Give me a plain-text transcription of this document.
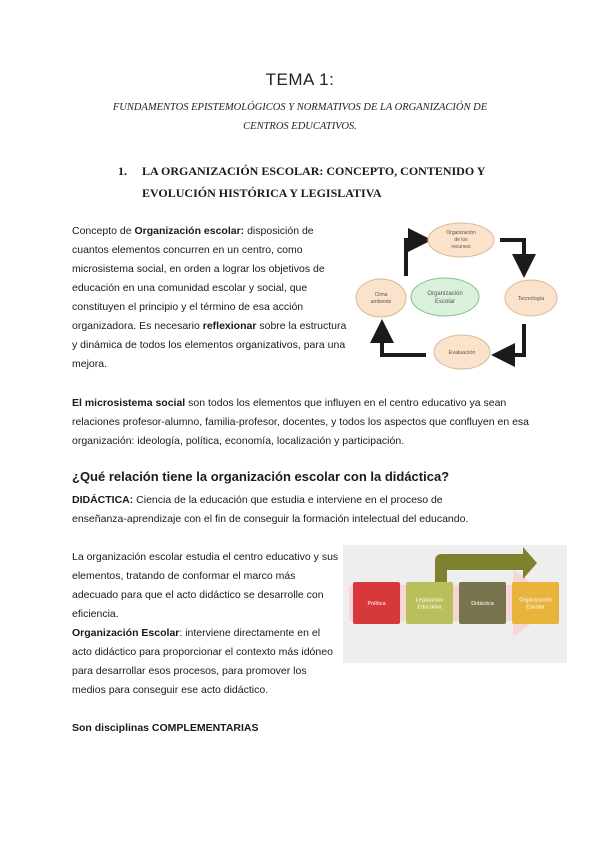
TEMA 1:
FUNDAMENTOS EPISTEMOLÓGICOS Y NORMATIVOS DE LA ORGANIZACIÓN DE
CENTROS EDUCATIVOS.
1. LA ORGANIZACIÓN ESCOLAR: CONCEPTO, CONTENIDO Y
EVOLUCIÓN HISTÓRICA Y LEGISLATIVA
Concepto de Organización escolar: disposición de cuantos elementos concurren en un centro, como microsistema social, en orden a lograr los objetivos de educación en una comunidad escolar y social, que constituyen el principio y el término de esa acción organizadora. Es necesario reflexionar sobre la estructura y dinámica de todos los elementos organizativos, para una mejora.
Organización
de los
recursos
Clima
ambiente
Organización
Escolar	Tecnología
Evaluación
El microsistema social son todos los elementos que influyen en el centro educativo ya sean relaciones profesor-alumno, familia-profesor, docentes, y todos los aspectos que confluyen en esa organización: ideología, política, economía, localización y participación.
¿Qué relación tiene la organización escolar con la didáctica?
DIDÁCTICA: Ciencia de la educación que estudia e interviene en el proceso de enseñanza-aprendizaje con el fin de conseguir la formación intelectual del educando.
La organización escolar estudia el centro educativo y sus elementos, tratando de conformar el marco más adecuado para que el acto didáctico se desarrolle con eficiencia.
Organización Escolar: interviene directamente en el acto didáctico para proporcionar el contexto más idóneo para desarrollar esos procesos, para promover los medios para conseguir ese acto didáctico.
Son disciplinas COMPLEMENTARIAS
Política
Legislación
Educativa
Didáctica
Organización
Escolar
